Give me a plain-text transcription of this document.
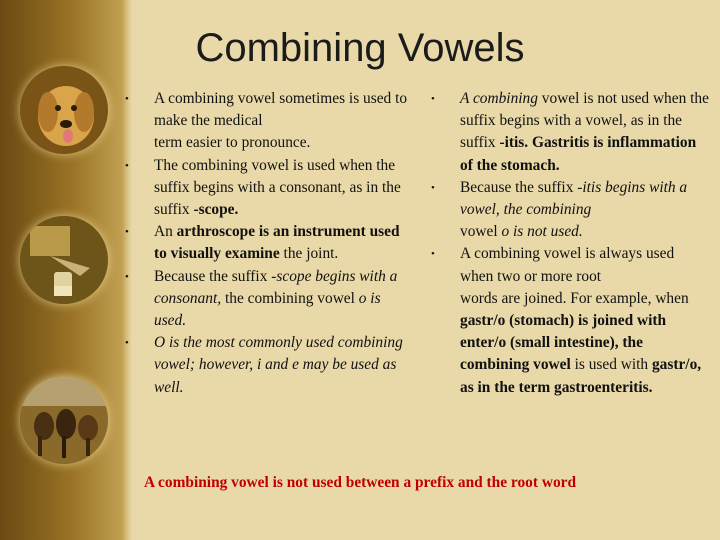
Combining Vowels
• A combining vowel sometimes is used to make the medical
term easier to pronounce.
• The combining vowel is used when the suffix begins with a consonant, as in the suffix -scope.
• An arthroscope is an instrument used to visually examine the joint.
• Because the suffix -scope begins with a consonant, the combining vowel o is used.
• O is the most commonly used combining vowel; however, i and e may be used as well.
• A combining vowel is not used when the suffix begins with a vowel, as in the suffix -itis. Gastritis is inflammation of the stomach.
• Because the suffix -itis begins with a vowel, the combining
vowel o is not used.
• A combining vowel is always used when two or more root
words are joined. For example, when gastr/o (stomach) is joined with enter/o (small intestine), the combining vowel is used with gastr/o, as in the term gastroenteritis.
A combining vowel is not used between a prefix and the root word
